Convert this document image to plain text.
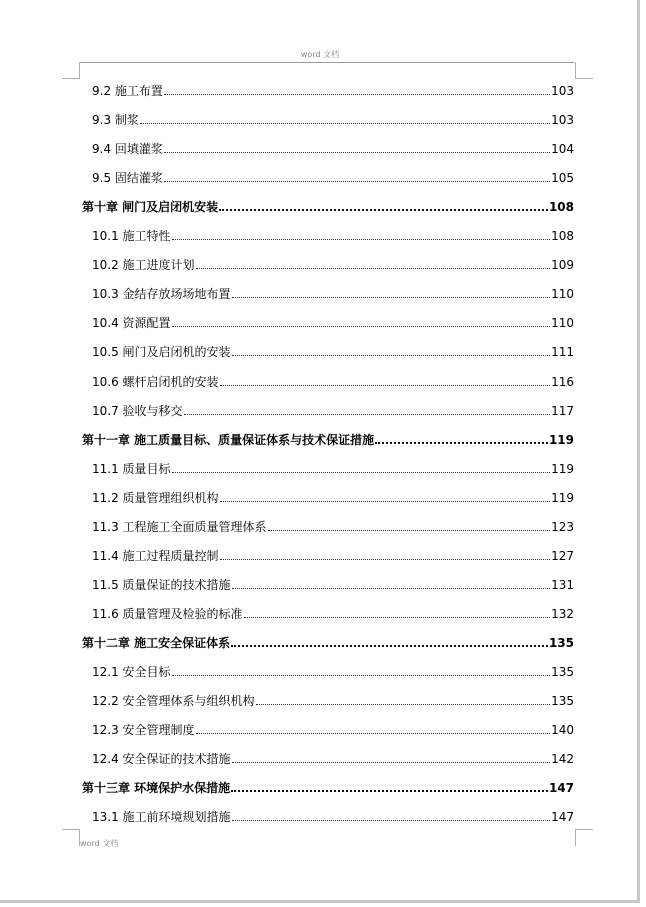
word 文档
9.2 施工布置	103
9.3 制浆	103
9.4 回填灌浆	104
9.5 固结灌浆	105
第十章 闸门及启闭机安装	108
10.1 施工特性	108
10.2 施工进度计划	109
10.3 金结存放场场地布置	110
10.4 资源配置	110
10.5 闸门及启闭机的安装	111
10.6 螺杆启闭机的安装	116
10.7 验收与移交	117
第十一章 施工质量目标、质量保证体系与技术保证措施	119
11.1 质量目标	119
11.2 质量管理组织机构	119
11.3 工程施工全面质量管理体系	123
11.4 施工过程质量控制	127
11.5 质量保证的技术措施	131
11.6 质量管理及检验的标准	132
第十二章 施工安全保证体系	135
12.1 安全目标	135
12.2 安全管理体系与组织机构	135
12.3 安全管理制度	140
12.4 安全保证的技术措施	142
第十三章 环境保护水保措施	147
13.1 施工前环境规划措施	147
word 文档
